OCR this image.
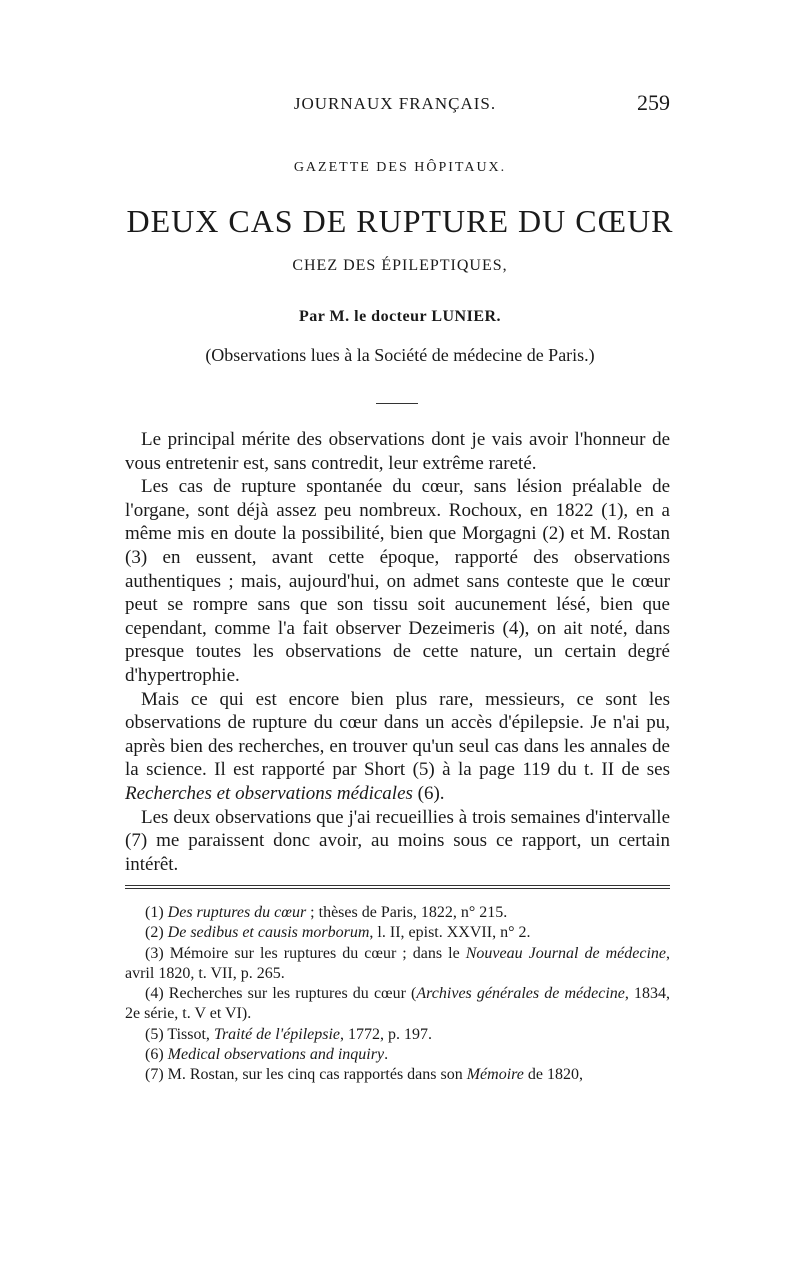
JOURNAUX FRANÇAIS.	259
GAZETTE DES HÔPITAUX.
DEUX CAS DE RUPTURE DU CŒUR
CHEZ DES ÉPILEPTIQUES,
Par M. le docteur LUNIER.
(Observations lues à la Société de médecine de Paris.)

Le principal mérite des observations dont je vais avoir l'honneur de vous entretenir est, sans contredit, leur extrême rareté.

Les cas de rupture spontanée du cœur, sans lésion préalable de l'organe, sont déjà assez peu nombreux. Rochoux, en 1822 (1), en a même mis en doute la possibilité, bien que Morgagni (2) et M. Rostan (3) en eussent, avant cette époque, rapporté des observations authentiques ; mais, aujourd'hui, on admet sans conteste que le cœur peut se rompre sans que son tissu soit aucunement lésé, bien que cependant, comme l'a fait observer Dezeimeris (4), on ait noté, dans presque toutes les observations de cette nature, un certain degré d'hypertrophie.

Mais ce qui est encore bien plus rare, messieurs, ce sont les observations de rupture du cœur dans un accès d'épilepsie. Je n'ai pu, après bien des recherches, en trouver qu'un seul cas dans les annales de la science. Il est rapporté par Short (5) à la page 119 du t. II de ses Recherches et observations médicales (6).

Les deux observations que j'ai recueillies à trois semaines d'intervalle (7) me paraissent donc avoir, au moins sous ce rapport, un certain intérêt.

(1) Des ruptures du cœur ; thèses de Paris, 1822, n° 215.

(2) De sedibus et causis morborum, l. II, epist. XXVII, n° 2.

(3) Mémoire sur les ruptures du cœur ; dans le Nouveau Journal de médecine, avril 1820, t. VII, p. 265.

(4) Recherches sur les ruptures du cœur (Archives générales de médecine, 1834, 2e série, t. V et VI).

(5) Tissot, Traité de l'épilepsie, 1772, p. 197.

(6) Medical observations and inquiry.

(7) M. Rostan, sur les cinq cas rapportés dans son Mémoire de 1820,
